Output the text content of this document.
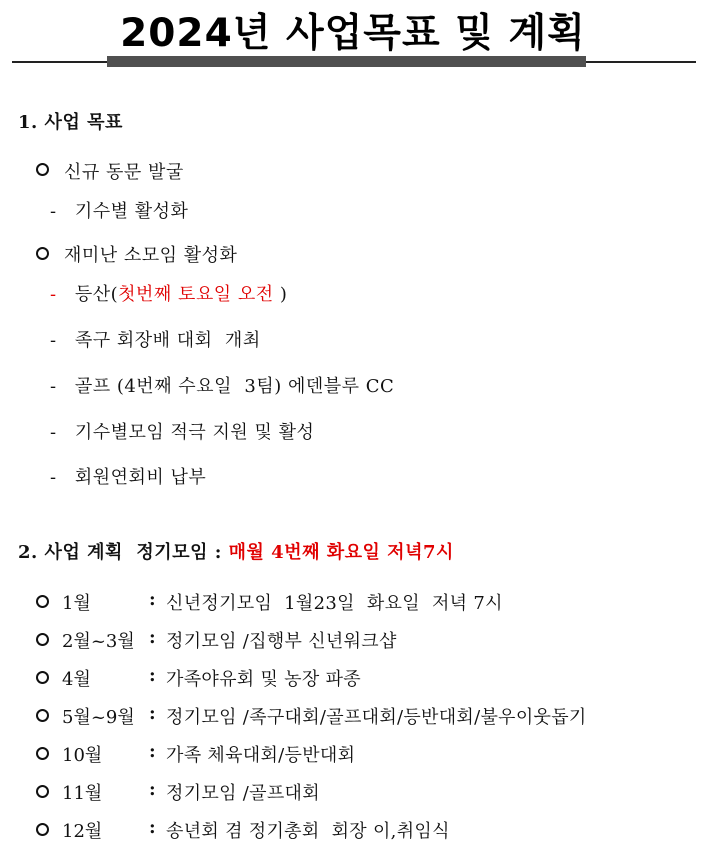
2024년 사업목표 및 계획
1. 사업 목표
신규 동문 발굴
- 기수별 활성화
재미난 소모임 활성화
- 등산(첫번째 토요일 오전 )
- 족구 회장배 대회  개최
- 골프 (4번째 수요일  3팀) 에덴블루 CC
- 기수별모임 적극 지원 및 활성
- 회원연회비 납부
2. 사업 계획  정기모임 : 매월 4번째 화요일 저녁7시
1월	: 신년정기모임  1월23일  화요일  저녁 7시
2월~3월 : 정기모임 /집행부 신년워크샵
4월	: 가족야유회 및 농장 파종
5월~9월 : 정기모임 /족구대회/골프대회/등반대회/불우이웃돕기
10월	: 가족 체육대회/등반대회
11월	: 정기모임 /골프대회
12월	: 송년회 겸 정기총회  회장 이,취임식
